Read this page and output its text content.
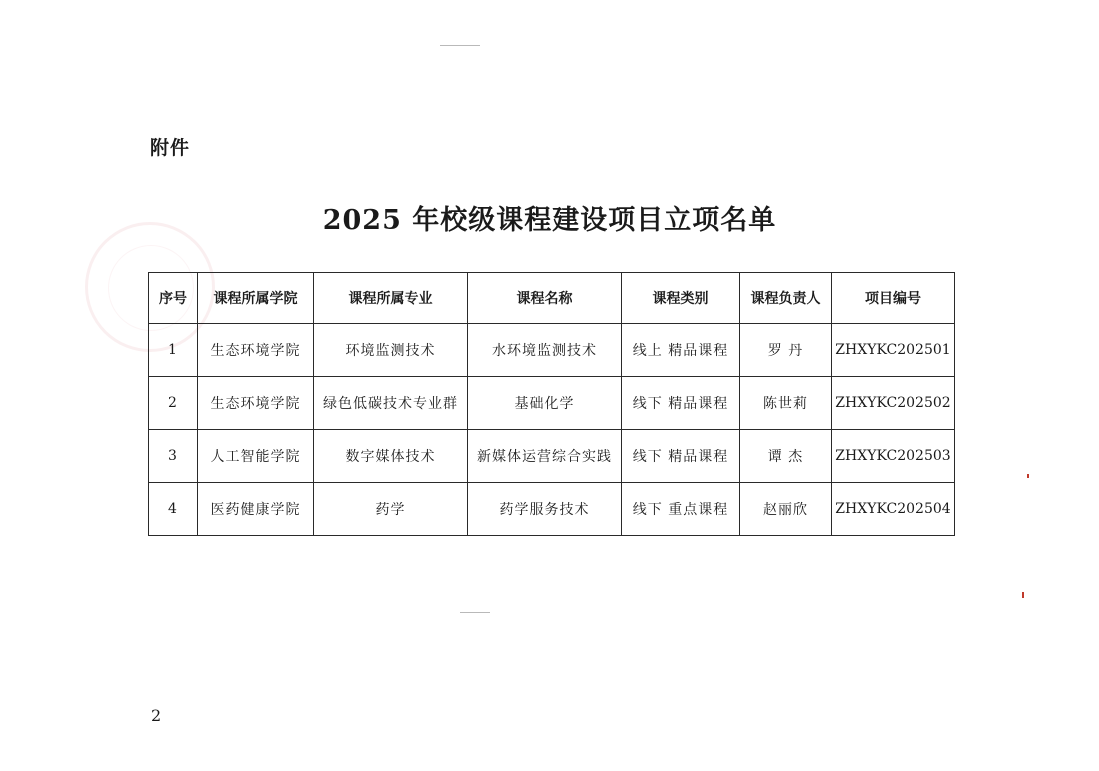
附件
2025 年校级课程建设项目立项名单
序号	课程所属学院	课程所属专业	课程名称	课程类别	课程负责人	项目编号
1	生态环境学院	环境监测技术	水环境监测技术	线上 精品课程	罗 丹	ZHXYKC202501
2	生态环境学院	绿色低碳技术专业群	基础化学	线下 精品课程	陈世莉	ZHXYKC202502
3	人工智能学院	数字媒体技术	新媒体运营综合实践	线下 精品课程	谭 杰	ZHXYKC202503
4	医药健康学院	药学	药学服务技术	线下 重点课程	赵丽欣	ZHXYKC202504
2
